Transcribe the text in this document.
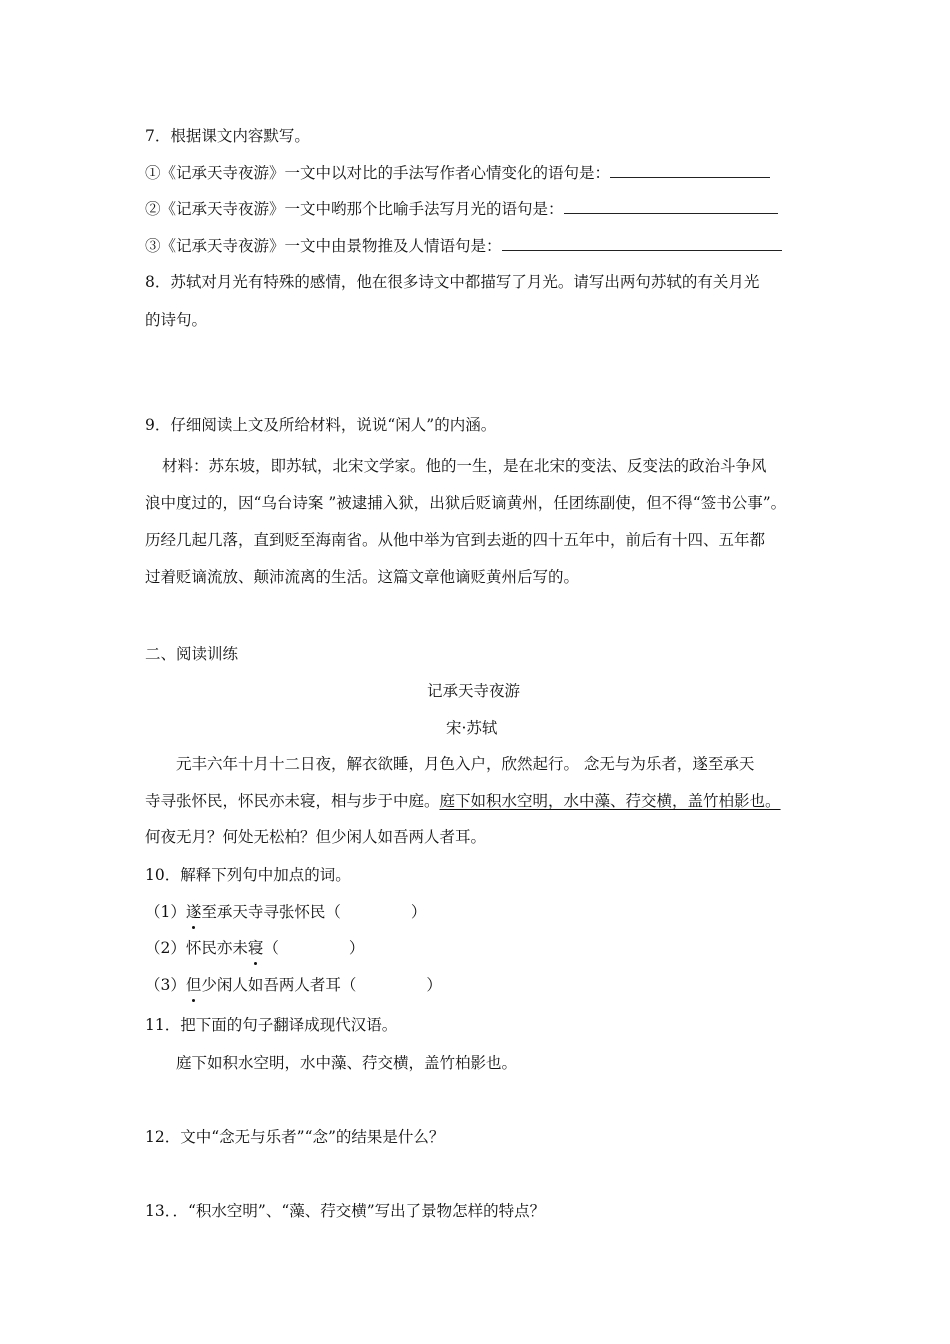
7．根据课文内容默写。
①《记承天寺夜游》一文中以对比的手法写作者心情变化的语句是：
②《记承天寺夜游》一文中哟那个比喻手法写月光的语句是：
③《记承天寺夜游》一文中由景物推及人情语句是：
8．苏轼对月光有特殊的感情，他在很多诗文中都描写了月光。请写出两句苏轼的有关月光
的诗句。
9．仔细阅读上文及所给材料，说说“闲人”的内涵。
材料：苏东坡，即苏轼，北宋文学家。他的一生，是在北宋的变法、反变法的政治斗争风
浪中度过的，因“乌台诗案 ”被逮捕入狱，出狱后贬谪黄州，任团练副使，但不得“签书公事”。
历经几起几落，直到贬至海南省。从他中举为官到去逝的四十五年中，前后有十四、五年都
过着贬谪流放、颠沛流离的生活。这篇文章他谪贬黄州后写的。
二、阅读训练
记承天寺夜游
宋·苏轼
元丰六年十月十二日夜，解衣欲睡，月色入户，欣然起行。 念无与为乐者，遂至承天
寺寻张怀民，怀民亦未寝，相与步于中庭。庭下如积水空明，水中藻、荇交横，盖竹柏影也。
何夜无月？何处无松柏？但少闲人如吾两人者耳。
10．解释下列句中加点的词。
（1）遂至承天寺寻张怀民（	）
（2）怀民亦未寝（	）
（3）但少闲人如吾两人者耳（	）
11．把下面的句子翻译成现代汉语。
庭下如积水空明，水中藻、荇交横，盖竹柏影也。
12．文中“念无与乐者”“念”的结果是什么？
13．．“积水空明”、“藻、荇交横”写出了景物怎样的特点？
